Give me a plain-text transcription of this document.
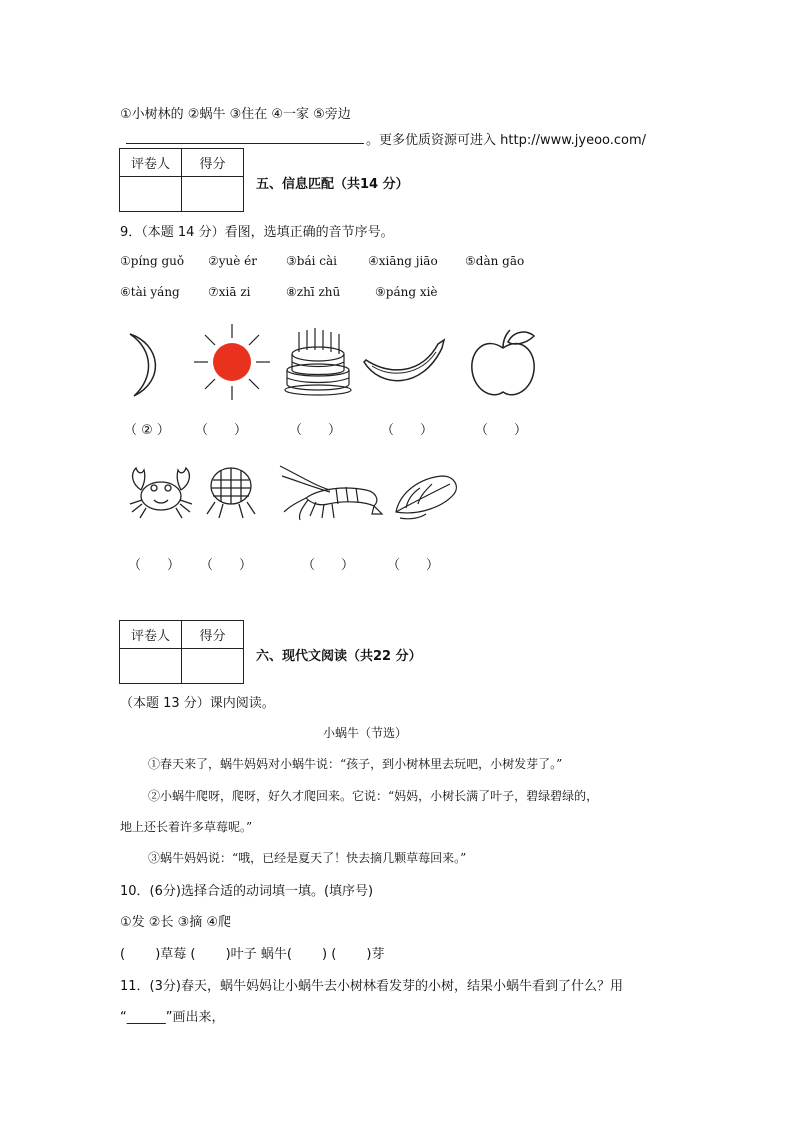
①小树林的 ②蜗牛 ③住在 ④一家 ⑤旁边
。更多优质资源可进入 http://www.jyeoo.com/
评卷人	得分

五、信息匹配（共14 分）
9．（本题 14 分）看图，选填正确的音节序号。
①píng guǒ ②yuè ér ③bái cài	④xiāng jiāo ⑤dàn gāo
⑥tài yáng ⑦xiā zi	⑧zhī zhū	⑨páng xiè
（ ② ） （　　）	（　　）	（　　）	（　　）
（　　） （　　）	（　　）	（　　）
评卷人	得分

六、现代文阅读（共22 分）
（本题 13 分）课内阅读。
小蜗牛（节选）
①春天来了，蜗牛妈妈对小蜗牛说：“孩子，到小树林里去玩吧，小树发芽了。”
②小蜗牛爬呀，爬呀，好久才爬回来。它说：“妈妈，小树长满了叶子，碧绿碧绿的，
地上还长着许多草莓呢。”
③蜗牛妈妈说：“哦，已经是夏天了！快去摘几颗草莓回来。”
10．(6分)选择合适的动词填一填。(填序号)
①发 ②长 ③摘 ④爬
(　　 )草莓 (　　 )叶子 蜗牛(　　 ) (　　 )芽
11．(3分)春天，蜗牛妈妈让小蜗牛去小树林看发芽的小树，结果小蜗牛看到了什么？用
“______”画出来，
